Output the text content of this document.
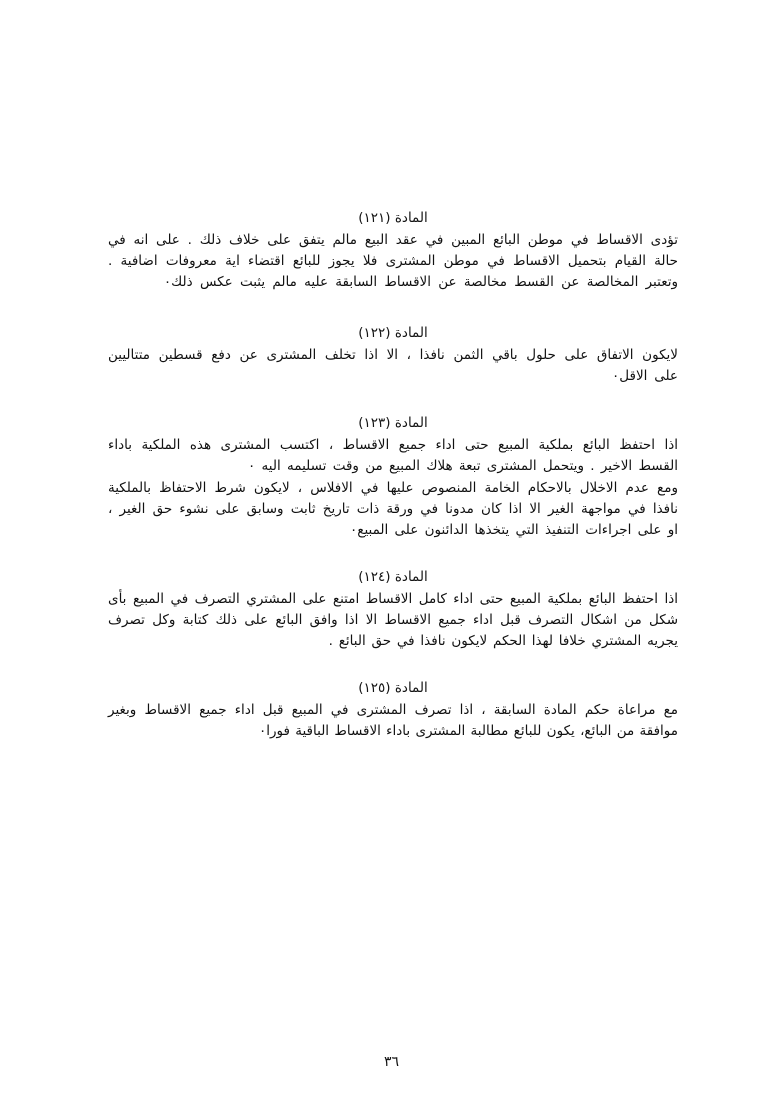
المادة (١٢١)

تؤدى الاقساط في موطن البائع المبين في عقد البيع مالم يتفق على خلاف ذلك . على انه في حالة القيام بتحميل الاقساط في موطن المشترى فلا يجوز للبائع اقتضاء اية معروفات اضافية . وتعتبر المخالصة عن القسط مخالصة عن الاقساط السابقة عليه مالم يثبت عكس ذلك٠

المادة (١٢٢)

لايكون الاتفاق على حلول باقي الثمن نافذا ، الا اذا تخلف المشترى عن دفع قسطين متتاليين على الاقل٠

المادة (١٢٣)

اذا احتفظ البائع بملكية المبيع حتى اداء جميع الاقساط ، اكتسب المشترى هذه الملكية باداء القسط الاخير . ويتحمل المشترى تبعة هلاك المبيع من وقت تسليمه اليه ٠

ومع عدم الاخلال بالاحكام الخامة المنصوص عليها في الافلاس ، لايكون شرط الاحتفاظ بالملكية نافذا في مواجهة الغير الا اذا كان مدونا في ورقة ذات تاريخ ثابت وسابق على نشوء حق الغير ، او على اجراءات التنفيذ التي يتخذها الدائنون على المبيع٠

المادة (١٢٤)

اذا احتفظ البائع بملكية المبيع حتى اداء كامل الاقساط امتنع على المشتري التصرف في المبيع بأى شكل من اشكال التصرف قبل اداء جميع الاقساط الا اذا وافق البائع على ذلك كتابة وكل تصرف يجريه المشتري خلافا لهذا الحكم لايكون نافذا في حق البائع .

المادة (١٢٥)

مع مراعاة حكم المادة السابقة ، اذا تصرف المشترى في المبيع قبل اداء جميع الاقساط وبغير موافقة من البائع، يكون للبائع مطالبة المشترى باداء الاقساط الباقية فورا٠

٣٦
